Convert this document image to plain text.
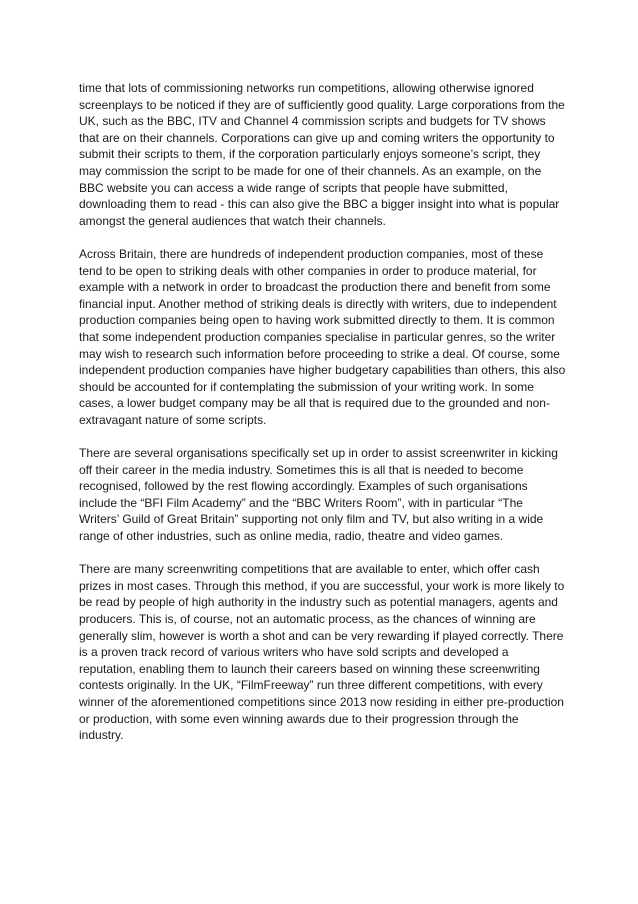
time that lots of commissioning networks run competitions, allowing otherwise ignored screenplays to be noticed if they are of sufficiently good quality. Large corporations from the UK, such as the BBC, ITV and Channel 4 commission scripts and budgets for TV shows that are on their channels. Corporations can give up and coming writers the opportunity to submit their scripts to them, if the corporation particularly enjoys someone’s script, they may commission the script to be made for one of their channels. As an example, on the BBC website you can access a wide range of scripts that people have submitted, downloading them to read - this can also give the BBC a bigger insight into what is popular amongst the general audiences that watch their channels.

Across Britain, there are hundreds of independent production companies, most of these tend to be open to striking deals with other companies in order to produce material, for example with a network in order to broadcast the production there and benefit from some financial input. Another method of striking deals is directly with writers, due to independent production companies being open to having work submitted directly to them. It is common that some independent production companies specialise in particular genres, so the writer may wish to research such information before proceeding to strike a deal. Of course, some independent production companies have higher budgetary capabilities than others, this also should be accounted for if contemplating the submission of your writing work. In some cases, a lower budget company may be all that is required due to the grounded and non-extravagant nature of some scripts.

There are several organisations specifically set up in order to assist screenwriter in kicking off their career in the media industry. Sometimes this is all that is needed to become recognised, followed by the rest flowing accordingly. Examples of such organisations include the “BFI Film Academy” and the “BBC Writers Room”, with in particular “The Writers’ Guild of Great Britain” supporting not only film and TV, but also writing in a wide range of other industries, such as online media, radio, theatre and video games.

There are many screenwriting competitions that are available to enter, which offer cash prizes in most cases. Through this method, if you are successful, your work is more likely to be read by people of high authority in the industry such as potential managers, agents and producers. This is, of course, not an automatic process, as the chances of winning are generally slim, however is worth a shot and can be very rewarding if played correctly. There is a proven track record of various writers who have sold scripts and developed a reputation, enabling them to launch their careers based on winning these screenwriting contests originally. In the UK, “FilmFreeway” run three different competitions, with every winner of the aforementioned competitions since 2013 now residing in either pre-production or production, with some even winning awards due to their progression through the industry.
